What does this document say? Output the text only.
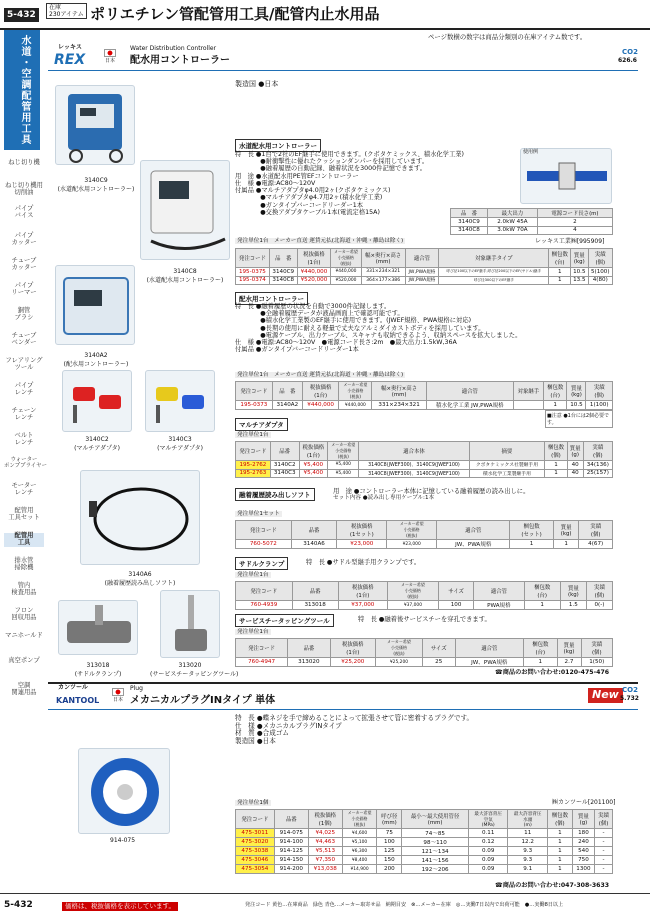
5-432
在庫
230アイテム ポリエチレン管配管用工具/配管内止水用品
ページ数横の数字は商品分類別の在庫アイテム数です。
水道・空調配管用工具
ねじ切り機
ねじ切り機用
切削油
パイプ
バイス
パイプ
カッター
チューブ
カッター
パイプ
リーマー
銅管
ブラシ
チューブ
ベンダー
フレアリング
ツール
パイプ
レンチ
チェーン
レンチ
ベルト
レンチ
ウォーター
ポンププライヤー
モーター
レンチ
配管用
工具セット
配管用
工具
排水管
掃除機
管内
検査用品
フロン
回収用品
マニホールド
真空ポンプ
空調
関連用品
レッキス
REX	日本
Water Distribution Controller
配水用コントローラー
CO2
626.6
製造国 ●日本
3140C9
(水道配水用コントローラー)
3140C8
(水道配水用コントローラー)
3140A2
(配水用コントローラー)
3140C2
(マルチアダプタ)
3140C3
(マルチアダプタ)
3140A6
(融着履歴読み出しソフト)
313018
(サドルクランプ)
313020
(サービスチータッピングツール)
水道配水用コントローラー
特　長 ●1台で2社のEF継手に使用できます。(クボタケミックス、積水化学工業)
　　　　●耐衝撃性に優れたクッションダンパーを採用しています。
　　　　●融着履歴の自動記録、融着状況を3000件記憶できます。
用　途 ●水道配水用PE管EFコントローラー
仕　様 ●電源:AC80～120V
付属品 ●マルチアダプタφ4.0用2ヶ(クボタケミックス)
　　　　●マルチアダプタφ4.7用2ヶ(積水化学工業)
　　　　●ガンタイプバーコードリーダー1本
　　　　●交換アダプタケーブル1本(電流定格15A)
使用例
品　番	最大出力	電源コード長さ(m)
3140C9	2.0kW 45A	2
3140C8	3.0kW 70A	4
レッキス工業㈱[995909]
発注単位1台　メーカー直送 運賃元払(北海道・沖縄・離島は除く)
発注コード	品　番	税抜価格
(1台)	メーカー希望
小売価格
(税抜)	幅×奥行×高さ
(mm)	適合管	対象継手タイプ	梱包数
(台)	質量
(kg)	実績
(個)
195-0375	3140C9	¥440,000	¥440,000	331×234×321	JW,PWA規格	呼び径100以下のEF継手,呼び径200以下のEF(サドル)継手	1	10.5	5(100)
195-0374	3140C8	¥520,000	¥520,000	364×177×386	JW,PWA規格	呼び径300以下のEF継手	1	13.5	4(80)
配水用コントローラー
特　長 ●融着履歴の状況を自動で3000件記録します。
　　　　●全融着履歴データが液晶画面上で確認可能です。
　　　　●積水化学工業製のEF継手に使用できます。(JWEF規格、PWA規格に対応)
　　　　●長期の使用に耐える軽量で丈夫なアルミダイカストボディを採用しています。
　　　　●電源ケーブル、出力ケーブル、スキャナも収納できるよう、収納スペースを拡大しました。
仕　様 ●電源:AC80～120V　●電源コード長さ:2m　●最大出力:1.5kW,36A
付属品 ●ガンタイプバーコードリーダー1本
発注単位1台　メーカー直送 運賃元払(北海道・沖縄・離島は除く)
発注コード	品　番	税抜価格
(1台)	メーカー希望
小売価格
(税抜)	幅×奥行×高さ
(mm)	適合管	対象継手	梱包数
(台)	質量
(kg)	実績
(個)
195-0373	3140A2	¥440,000	¥440,000	331×234×321	積水化学工業 JW,PWA規格		1	10.5	1(100)
■注意 ●1台には2個必要です。
マルチアダプタ
発注単位1台
発注コード	品番	税抜価格
(1台)	メーカー希望
小売価格
(税抜)	適合本体	摘要	梱包数
(個)	質量
(g)	実績
(個)
195-2762	3140C2	¥5,400	¥5,400	3140C8(JWEF300)、3140C9(JWEF100)	クボタケミックス社製継手用	1	40	34(136)
195-2763	3140C3	¥5,400	¥5,400	3140C8(JWEF300)、3140C9(JWEF100)	積水化学工業製継手用	1	40	25(157)
融着履歴読み出しソフト	用　途 ●コントローラー本体に記憶している融着履歴の読み出しに。
セット内容 ●読み出し専用ケーブル:1本
発注単位1セット
発注コード	品番	税抜価格
(1セット)	メーカー希望
小売価格
(税抜)	適合管	梱包数
(セット)	質量
(kg)	実績
(個)
760-5072	3140A6	¥23,000	¥23,000	JW、PWA規格	1	1	4(67)
サドルクランプ	特　長 ●サドル型継手用クランプです。
発注単位1台
発注コード	品番	税抜価格
(1台)	メーカー希望
小売価格
(税抜)	サイズ	適合管	梱包数
(台)	質量
(kg)	実績
(個)
760-4939	313018	¥37,000	¥37,000	100	PWA規格	1	1.5	0(-)
サービスチータッピングツール	特　長 ●融着後サービスチーを穿孔できます。
発注単位1台
発注コード	品番	税抜価格
(1台)	メーカー希望
小売価格
(税抜)	サイズ	適合管	梱包数
(台)	質量
(kg)	実績
(個)
760-4947	313020	¥25,200	¥25,200	25	JW、PWA規格	1	2.7	1(50)
☎商品のお問い合わせ:0120-475-476
カンツール
KANTOOL	日本
Plug
メカニカルプラグINタイプ 単体	New CO2
5.732
特　長 ●蝶ネジを手で締めることによって拡張させて管に密着するプラグです。
仕　様 ●メカニカルプラグINタイプ
材　質 ●合成ゴム
製造国 ●日本
914-075
発注単位1個	㈱カンツール[201100]
発注コード	品番	税抜価格
(1個)	メーカー希望
小売価格
(税抜)	呼び径
(mm)	最小～最大使用管径
(mm)	最大許容背圧
空気
(MPa)	最大許容背圧
水頭
(m)	梱包数
(個)	質量
(g)	実績
(個)
475-3011	914-075	¥4,025	¥4,600	75	74～85	0.11	11	1	180	-
475-3020	914-100	¥4,463	¥5,100	100	98～110	0.12	12.2	1	240	-
475-3038	914-125	¥5,513	¥6,300	125	121～134	0.09	9.3	1	540	-
475-3046	914-150	¥7,350	¥8,400	150	141～156	0.09	9.3	1	750	-
475-3054	914-200	¥13,038	¥14,900	200	192～206	0.09	9.1	1	1300	-
☎商品のお問い合わせ:047-308-3633
5-432	価格は、税抜価格を表示しています。	発注コード 黄色…在庫商品　緑色 青色…メーカー取寄せ品　納期目安　⊗…メーカー在庫　◎…実働7日以内で出荷可能　●…実働8日以上
